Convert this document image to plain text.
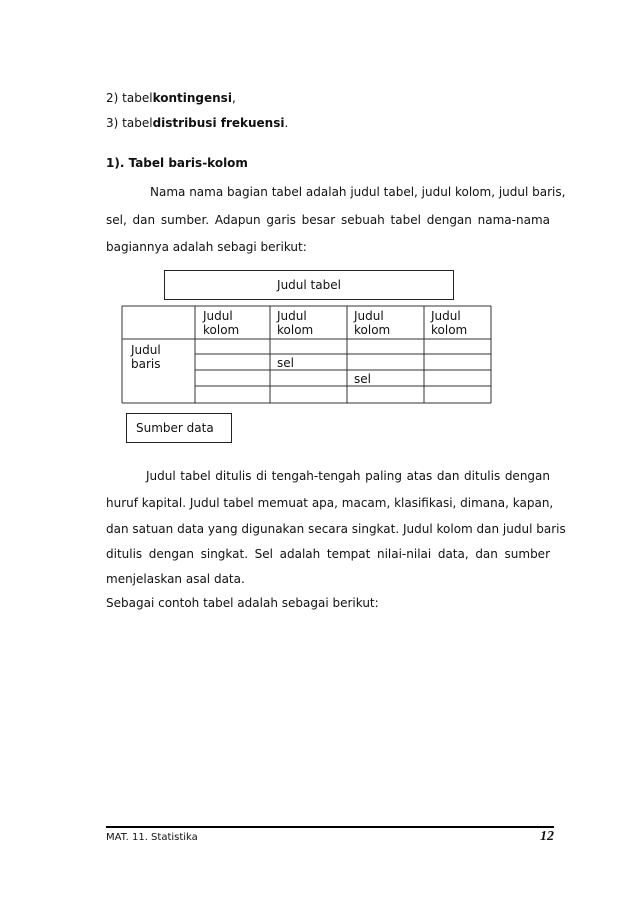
2) tabelkontingensi,
3) tabeldistribusi frekuensi.
1). Tabel baris-kolom
Nama nama bagian tabel adalah judul tabel, judul kolom, judul baris,
sel, dan sumber. Adapun garis besar sebuah tabel dengan nama-nama
bagiannya adalah sebagi berikut:
Judul tabel
Judul
kolom
Judul
kolom
Judul
kolom
Judul
kolom
Judul
baris	sel
sel
Sumber data
Judul tabel ditulis di tengah-tengah paling atas dan ditulis dengan
huruf kapital. Judul tabel memuat apa, macam, klasifikasi, dimana, kapan,
dan satuan data yang digunakan secara singkat. Judul kolom dan judul baris
ditulis dengan singkat. Sel adalah tempat nilai-nilai data, dan sumber
menjelaskan asal data.
Sebagai contoh tabel adalah sebagai berikut:
MAT. 11. Statistika	12
